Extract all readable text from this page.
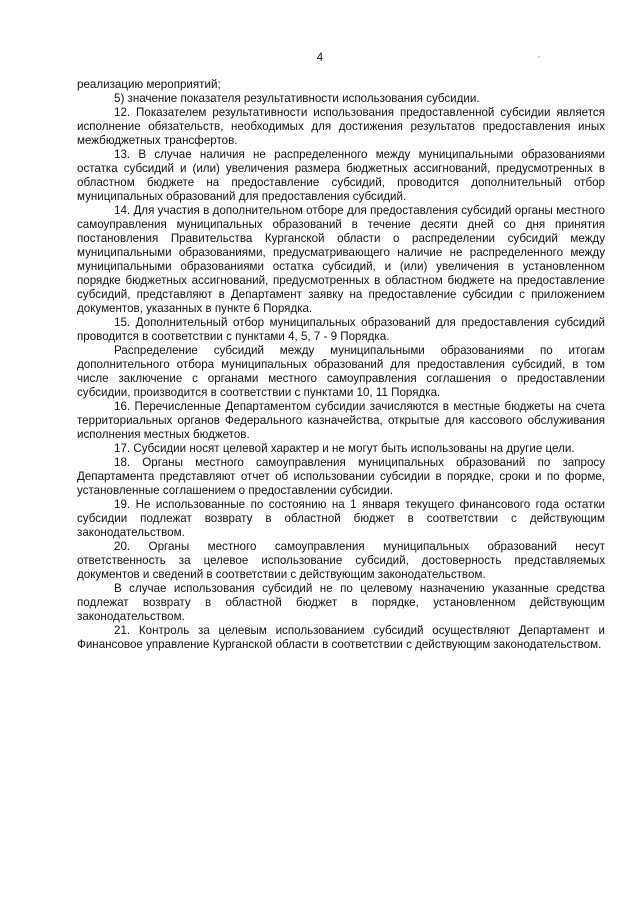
4

реализацию мероприятий;

5) значение показателя результативности использования субсидии.

12. Показателем результативности использования предоставленной субсидии является исполнение обязательств, необходимых для достижения результатов предоставления иных межбюджетных трансфертов.

13. В случае наличия не распределенного между муниципальными образованиями остатка субсидий и (или) увеличения размера бюджетных ассигнований, предусмотренных в областном бюджете на предоставление субсидий, проводится дополнительный отбор муниципальных образований для предоставления субсидий.

14. Для участия в дополнительном отборе для предоставления субсидий органы местного самоуправления муниципальных образований в течение десяти дней со дня принятия постановления Правительства Курганской области о распределении субсидий между муниципальными образованиями, предусматривающего наличие не распределенного между муниципальными образованиями остатка субсидий, и (или) увеличения в установленном порядке бюджетных ассигнований, предусмотренных в областном бюджете на предоставление субсидий, представляют в Департамент заявку на предоставление субсидии с приложением документов, указанных в пункте 6 Порядка.

15. Дополнительный отбор муниципальных образований для предоставления субсидий проводится в соответствии с пунктами 4, 5, 7 - 9 Порядка.

Распределение субсидий между муниципальными образованиями по итогам дополнительного отбора муниципальных образований для предоставления субсидий, в том числе заключение с органами местного самоуправления соглашения о предоставлении субсидии, производится в соответствии с пунктами 10, 11 Порядка.

16. Перечисленные Департаментом субсидии зачисляются в местные бюджеты на счета территориальных органов Федерального казначейства, открытые для кассового обслуживания исполнения местных бюджетов.

17. Субсидии носят целевой характер и не могут быть использованы на другие цели.

18. Органы местного самоуправления муниципальных образований по запросу Департамента представляют отчет об использовании субсидии в порядке, сроки и по форме, установленные соглашением о предоставлении субсидии.

19. Не использованные по состоянию на 1 января текущего финансового года остатки субсидии подлежат возврату в областной бюджет в соответствии с действующим законодательством.

20. Органы местного самоуправления муниципальных образований несут ответственность за целевое использование субсидий, достоверность представляемых документов и сведений в соответствии с действующим законодательством.

В случае использования субсидий не по целевому назначению указанные средства подлежат возврату в областной бюджет в порядке, установленном действующим законодательством.

21. Контроль за целевым использованием субсидий осуществляют Департамент и Финансовое управление Курганской области в соответствии с действующим законодательством.
